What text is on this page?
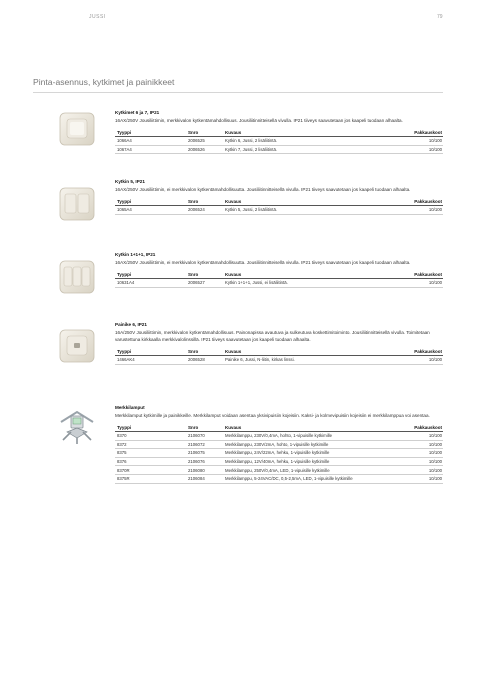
JUSSI	79
Pinta-asennus, kytkimet ja painikkeet
Kytkimet 6 ja 7, IP21
16AX/250V Jousiliittimin, merkkivalon kytkentämahdollisuus. Jousiliitinnitteisellä vivulla. IP21 tiiveys saavutetaan jos kaapeli tuodaan alhaalta.
Tyyppi	Snro	Kuvaus	Pakkauskoot
1066A4	2006525	Kytkin 6, Jussi, 2 lisäliitintä.	10/100
1067A4	2006526	Kytkin 7, Jussi, 2 lisäliitintä.	10/100
Kytkin 5, IP21
16AX/250V Jousiliittimin, ei merkkivalon kytkentämahdollisuutta. Jousiliitinnitteisellä vivulla. IP21 tiiveys saavutetaan jos kaapeli tuodaan alhaalta.
Tyyppi	Snro	Kuvaus	Pakkauskoot
1065A4	2006524	Kytkin 5, Jussi, 2 lisäliitintä.	10/100
Kytkin 1+1+1, IP21
16AX/250V Jousiliittimin, ei merkkivalon kytkentämahdollisuutta. Jousiliitinnitteisellä vivulla. IP21 tiiveys saavutetaan jos kaapeli tuodaan alhaalta.
Tyyppi	Snro	Kuvaus	Pakkauskoot
10631A4	2006527	Kytkin 1+1+1, Jussi, ei lisäliitintä.	10/100
Painike 6, IP21
16A/250V Jousiliittimin, merkkivalon kytkentämahdollisuus. Painonapissa avautuva ja sulkeutuva koskettimitoiminto. Jousiliitinnitteisellä vivulla. Toimitetaan varustettuna kirkkaalla merkkivalolinssillä. IP21 tiiveys saavutetaan jos kaapeli tuodaan alhaalta.
Tyyppi	Snro	Kuvaus	Pakkauskoot
1466AK4	2006528	Painike 6, Jussi, N-liitin, kirkas linssi.	10/100
Merkkilamput
Merkkilamput kytkimille ja painikkeille. Merkkilamput voidaan asentaa yksivipuisiin kojeisiin. Kaksi- ja kolmevipuisiin kojeisiin ei merkkilamppua voi asentaa.
Tyyppi	Snro	Kuvaus	Pakkauskoot
8370	2106070	Merkkilamppu, 230V/0,4mA, hohto, 1-vipuisille kytkimille	10/100
8372	2106072	Merkkilamppu, 230V/2mA, hohto, 1-vipuisille kytkimille	10/100
8375	2106075	Merkkilamppu, 24V/22mA, hehku, 1-vipuisille kytkimille	10/100
8376	2106076	Merkkilamppu, 12V/40mA, hehku, 1-vipuisille kytkimille	10/100
8370R	2106080	Merkkilamppu, 250V/0,4mA, LED, 1-vipuisille kytkimille	10/100
8375R	2106084	Merkkilamppu, 5-24VAC/DC, 0,5-2,5mA, LED, 1-vipuisille kytkimille	10/100
